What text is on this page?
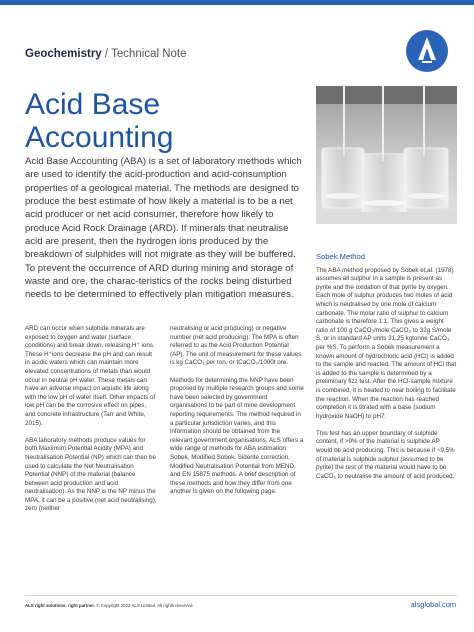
Geochemistry / Technical Note
Acid Base
Accounting

Acid Base Accounting (ABA) is a set of laboratory methods which are used to identify the acid-production and acid-consumption properties of a geological material. The methods are designed to produce the best estimate of how likely a material is to be a net acid producer or net acid consumer, therefore how likely to produce Acid Rock Drainage (ARD). If minerals that neutralise acid are present, then the hydrogen ions produced by the breakdown of sulphides will not migrate as they will be buffered. To prevent the occurrence of ARD during mining and storage of waste and ore, the charac-teristics of the rocks being disturbed needs to be determined to effectively plan mitigation measures.

ARD can occur when sulphide minerals are exposed to oxygen and water (surface conditions) and break down, releasing H⁺ ions. These H⁺ions decrease the pH and can result in acidic waters which can maintain more elevated concentrations of metals than would occur in neutral pH water. These metals can have an adverse impact on aquatic life along with the low pH of water itself. Other impacts of low pH can be the corrosive effect on pipes, and concrete infrastructure (Tarr and White, 2015).

ABA laboratory methods produce values for both Maximum Potential Acidity (MPA) and Neutralisation Potential (NP) which can then be used to calculate the Net Neutralisation Potential (NNP) of the material (balance between acid production and acid neutralisation). As the NNP is the NP minus the MPA, it can be a positive (net acid neutralising), zero (neither

neutralising or acid producing) or negative number (net acid producing). The MPA is often referred to as the Acid Production Potential (AP). The unit of measurement for these values is kg CaCO₃ per ton. or tCaCO₃/1000t ore.

Methods for determining the NNP have been proposed by multiple research groups and some have been selected by government organisations to be part of mine development reporting requirements. The method required in a particular jurisdiction varies, and this information should be obtained from the relevant government organisations. ALS offers a wide range of methods for ABA estimation: Sobek, Modified Sobek, Siderite correction, Modified Neutralisation Potential from MEND, and EN 15875 methods. A brief description of these methods and how they differ from one another is given on the following page.

Sobek Method

The ABA method proposed by Sobek et.al. (1978) assumes all sulphur in a sample is present as pyrite and the oxidation of that pyrite by oxygen. Each mole of sulphur produces two moles of acid which is neutralised by one mole of calcium carbonate. The molar ratio of sulphur to calcium carbonate is therefore 1:1. This gives a weight ratio of 100 g CaCO₃/mole CaCO₃ to 32g S/mole S, or in standard AP units 31.25 kgtonne CaCO₃ per %S. To perform a Sobek measurement a known amount of hydrochloric acid (HCl) is added to the sample and reacted. The amount of HCl that is added to the sample is determined by a preliminary fizz test. After the HCl-sample mixture is combined, it is heated to near boiling to facilitate the reaction. When the reaction has reached completion it is titrated with a base (sodium hydroxide NaOH) to pH7.

This test has an upper boundary of sulphide content, if >9% of the material is sulphide AP would be acid producing. This is because if ~9.5% of material is sulphide sulphur (assumed to be pyrite) the rest of the material would have to be CaCO₃ to neutralise the amount of acid produced.

ALS right solutions. right partner. © Copyright 2022 ALS Limited. All rights reserved.	alsglobal.com
